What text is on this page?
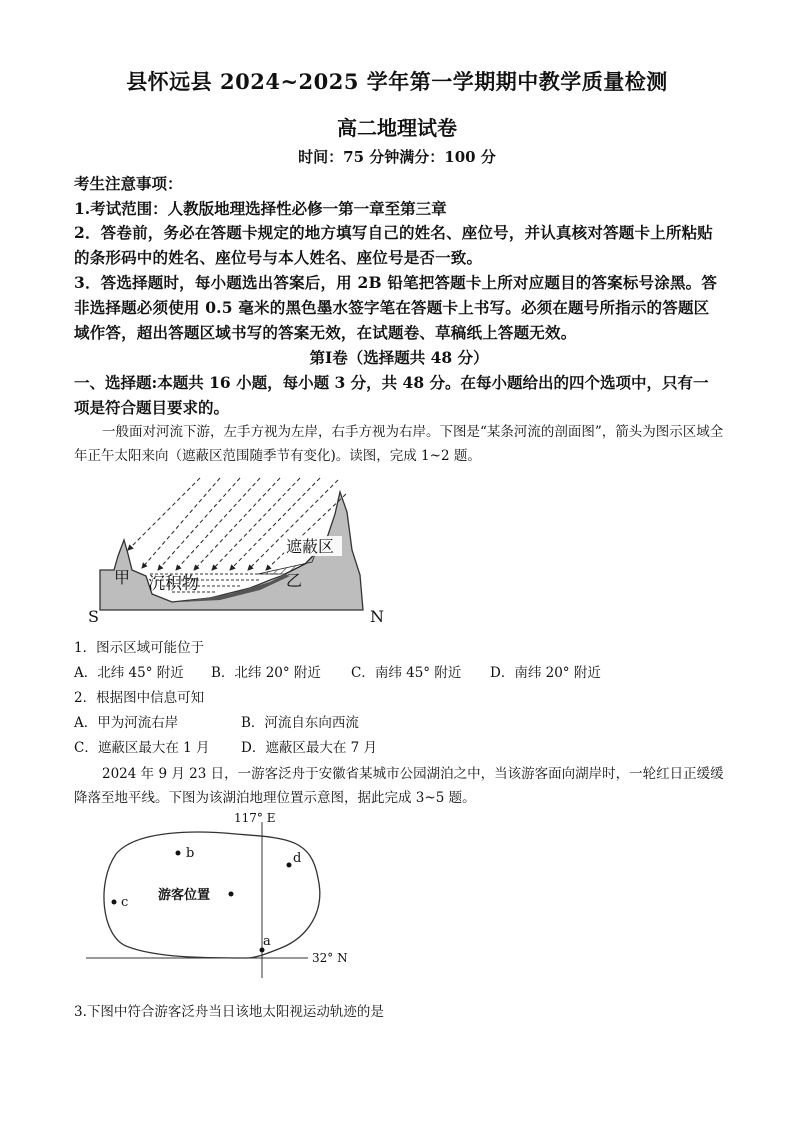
县怀远县 2024~2025 学年第一学期期中教学质量检测
高二地理试卷
时间：75 分钟满分：100 分
考生注意事项：
1.考试范围：人教版地理选择性必修一第一章至第三章
2．答卷前，务必在答题卡规定的地方填写自己的姓名、座位号，并认真核对答题卡上所粘贴的条形码中的姓名、座位号与本人姓名、座位号是否一致。
3．答选择题时，每小题选出答案后，用 2B 铅笔把答题卡上所对应题目的答案标号涂黑。答非选择题必须使用 0.5 毫米的黑色墨水签字笔在答题卡上书写。必须在题号所指示的答题区域作答，超出答题区域书写的答案无效，在试题卷、草稿纸上答题无效。
第Ⅰ卷（选择题共 48 分）
一、选择题:本题共 16 小题，每小题 3 分，共 48 分。在每小题给出的四个选项中，只有一项是符合题目要求的。
一般面对河流下游，左手方视为左岸，右手方视为右岸。下图是“某条河流的剖面图”，箭头为图示区域全年正午太阳来向（遮蔽区范围随季节有变化)。读图，完成 1~2 题。
甲 沉积物
遮蔽区
乙
S	N
1．图示区域可能位于
A．北纬 45° 附近 B．北纬 20° 附近 C．南纬 45° 附近 D．南纬 20° 附近
2．根据图中信息可知
A．甲为河流右岸	B．河流自东向西流
C．遮蔽区最大在 1 月 D．遮蔽区最大在 7 月
2024 年 9 月 23 日，一游客泛舟于安徽省某城市公园湖泊之中，当该游客面向湖岸时，一轮红日正缓缓降落至地平线。下图为该湖泊地理位置示意图，据此完成 3~5 题。
117° E
32° N
b	d
c
a
游客位置
3.下图中符合游客泛舟当日该地太阳视运动轨迹的是
